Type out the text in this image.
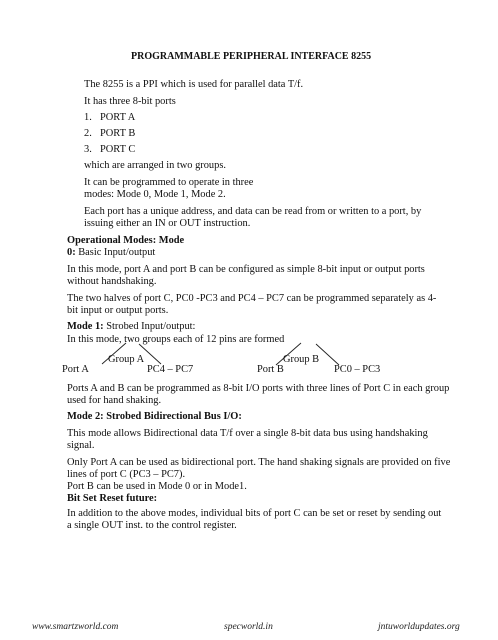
PROGRAMMABLE PERIPHERAL INTERFACE 8255
The 8255 is a PPI which is used for parallel data T/f.
It has three 8-bit ports
1. PORT A
2. PORT B
3. PORT C
which are arranged in two groups.
It can be programmed to operate in three
modes: Mode 0, Mode 1, Mode 2.
Each port has a unique address, and data can be read from or written to a port, by
issuing either an IN or OUT instruction.
Operational Modes: Mode
0: Basic Input/output
In this mode, port A and port B can be configured as simple 8-bit input or output ports
without handshaking.
The two halves of port C, PC0 -PC3 and PC4 – PC7 can be programmed separately as 4-
bit input or output ports.
Mode 1: Strobed Input/output:
In this mode, two groups each of 12 pins are formed
Group A	Group B
Port A	PC4 – PC7	Port B	PC0 – PC3
Ports A and B can be programmed as 8-bit I/O ports with three lines of Port C in each group
used for hand shaking.
Mode 2: Strobed Bidirectional Bus I/O:
This mode allows Bidirectional data T/f over a single 8-bit data bus using handshaking
signal.
Only Port A can be used as bidirectional port. The hand shaking signals are provided on five
lines of port C (PC3 – PC7).
Port B can be used in Mode 0 or in Mode1.
Bit Set Reset future:
In addition to the above modes, individual bits of port C can be set or reset by sending out
a single OUT inst. to the control register.
www.smartzworld.com	specworld.in	jntuworldupdates.org
